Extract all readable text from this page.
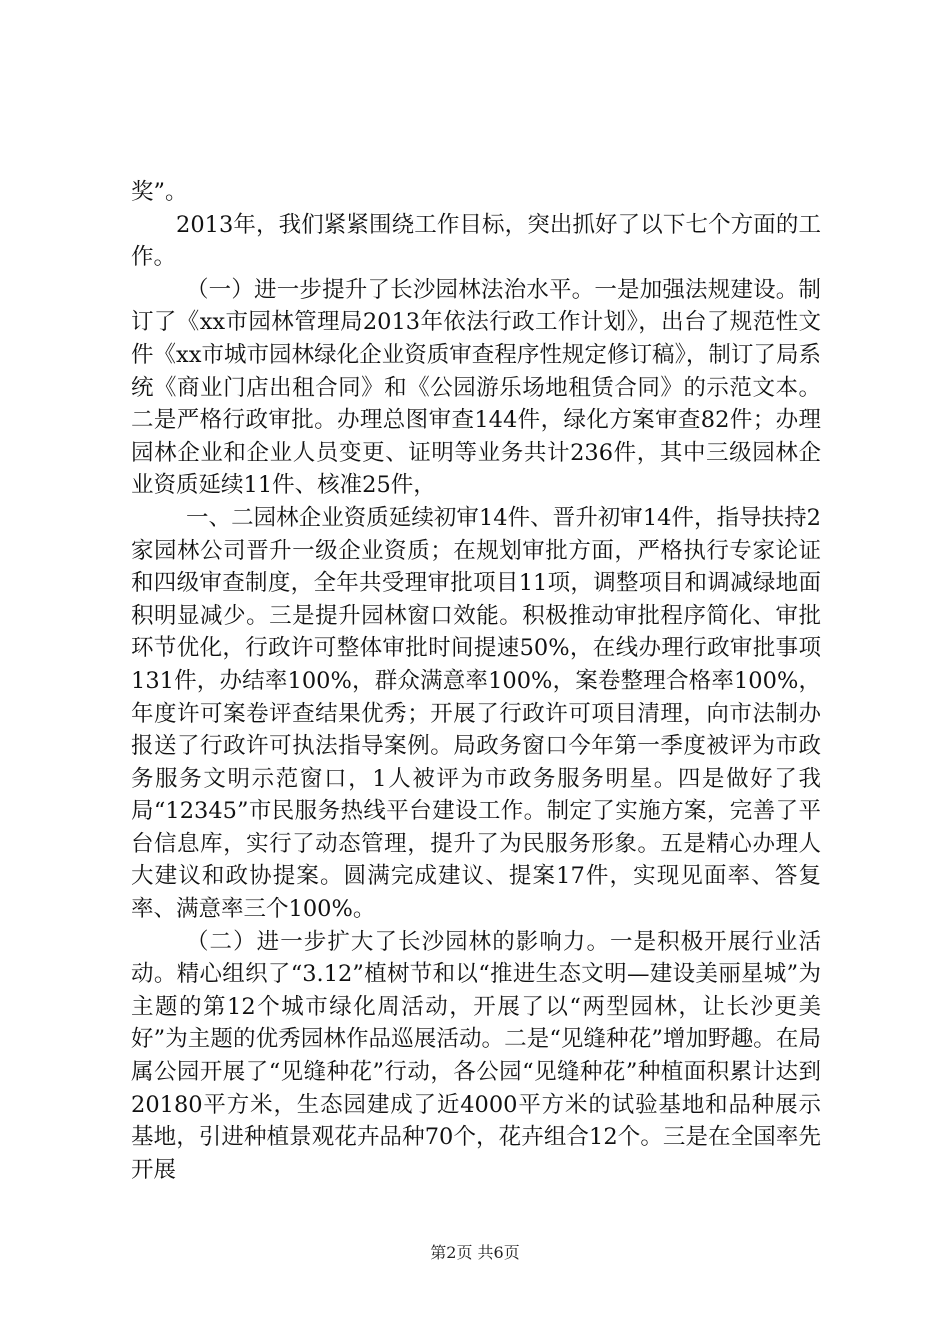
奖”。

2013年，我们紧紧围绕工作目标，突出抓好了以下七个方面的工作。

（一）进一步提升了长沙园林法治水平。一是加强法规建设。制订了《xx市园林管理局2013年依法行政工作计划》，出台了规范性文件《xx市城市园林绿化企业资质审查程序性规定修订稿》，制订了局系统《商业门店出租合同》和《公园游乐场地租赁合同》的示范文本。二是严格行政审批。办理总图审查144件，绿化方案审查82件；办理园林企业和企业人员变更、证明等业务共计236件，其中三级园林企业资质延续11件、核准25件，

一、二园林企业资质延续初审14件、晋升初审14件，指导扶持2家园林公司晋升一级企业资质；在规划审批方面，严格执行专家论证和四级审查制度，全年共受理审批项目11项，调整项目和调减绿地面积明显减少。三是提升园林窗口效能。积极推动审批程序简化、审批环节优化，行政许可整体审批时间提速50%，在线办理行政审批事项131件，办结率100%，群众满意率100%，案卷整理合格率100%，年度许可案卷评查结果优秀；开展了行政许可项目清理，向市法制办报送了行政许可执法指导案例。局政务窗口今年第一季度被评为市政务服务文明示范窗口，1人被评为市政务服务明星。四是做好了我局“12345”市民服务热线平台建设工作。制定了实施方案，完善了平台信息库，实行了动态管理，提升了为民服务形象。五是精心办理人大建议和政协提案。圆满完成建议、提案17件，实现见面率、答复率、满意率三个100%。

（二）进一步扩大了长沙园林的影响力。一是积极开展行业活动。精心组织了“3.12”植树节和以“推进生态文明—建设美丽星城”为主题的第12个城市绿化周活动，开展了以“两型园林，让长沙更美好”为主题的优秀园林作品巡展活动。二是“见缝种花”增加野趣。在局属公园开展了“见缝种花”行动，各公园“见缝种花”种植面积累计达到20180平方米，生态园建成了近4000平方米的试验基地和品种展示基地，引进种植景观花卉品种70个，花卉组合12个。三是在全国率先开展

第2页 共6页
